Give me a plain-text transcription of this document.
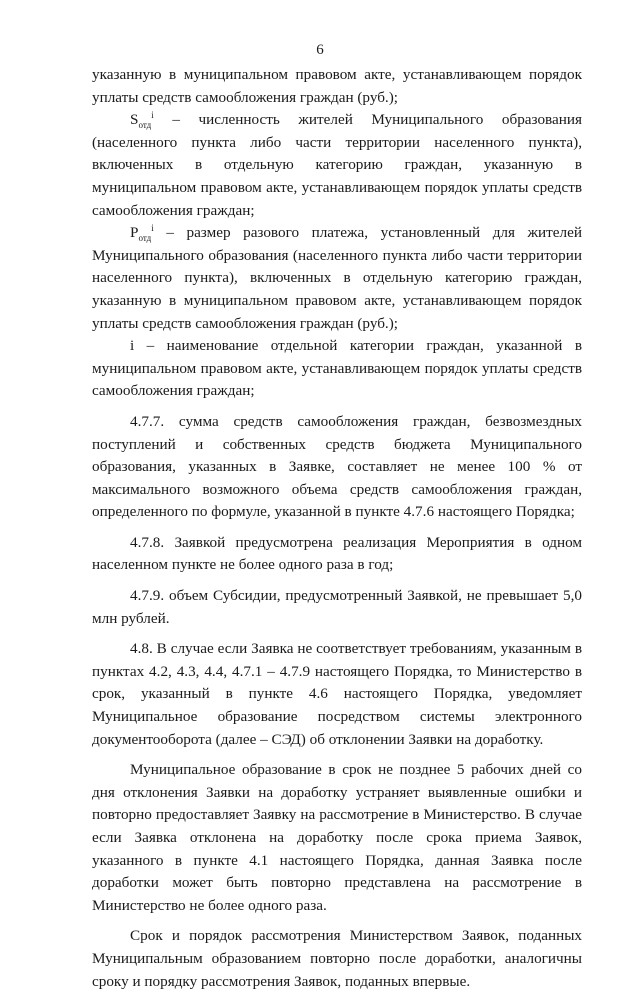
6

указанную в муниципальном правовом акте, устанавливающем порядок уплаты средств самообложения граждан (руб.);

$S_{отд}^i$ – численность жителей Муниципального образования (населенного пункта либо части территории населенного пункта), включенных в отдельную категорию граждан, указанную в муниципальном правовом акте, устанавливающем порядок уплаты средств самообложения граждан;

$P_{отд}^i$ – размер разового платежа, установленный для жителей Муниципального образования (населенного пункта либо части территории населенного пункта), включенных в отдельную категорию граждан, указанную в муниципальном правовом акте, устанавливающем порядок уплаты средств самообложения граждан (руб.);

i – наименование отдельной категории граждан, указанной в муниципальном правовом акте, устанавливающем порядок уплаты средств самообложения граждан;

4.7.7. сумма средств самообложения граждан, безвозмездных поступлений и собственных средств бюджета Муниципального образования, указанных в Заявке, составляет не менее 100 % от максимального возможного объема средств самообложения граждан, определенного по формуле, указанной в пункте 4.7.6 настоящего Порядка;

4.7.8. Заявкой предусмотрена реализация Мероприятия в одном населенном пункте не более одного раза в год;

4.7.9. объем Субсидии, предусмотренный Заявкой, не превышает 5,0 млн рублей.

4.8. В случае если Заявка не соответствует требованиям, указанным в пунктах 4.2, 4.3, 4.4, 4.7.1 – 4.7.9 настоящего Порядка, то Министерство в срок, указанный в пункте 4.6 настоящего Порядка, уведомляет Муниципальное образование посредством системы электронного документооборота (далее – СЭД) об отклонении Заявки на доработку.

Муниципальное образование в срок не позднее 5 рабочих дней со дня отклонения Заявки на доработку устраняет выявленные ошибки и повторно предоставляет Заявку на рассмотрение в Министерство. В случае если Заявка отклонена на доработку после срока приема Заявок, указанного в пункте 4.1 настоящего Порядка, данная Заявка после доработки может быть повторно представлена на рассмотрение в Министерство не более одного раза.

Срок и порядок рассмотрения Министерством Заявок, поданных Муниципальным образованием повторно после доработки, аналогичны сроку и порядку рассмотрения Заявок, поданных впервые.
